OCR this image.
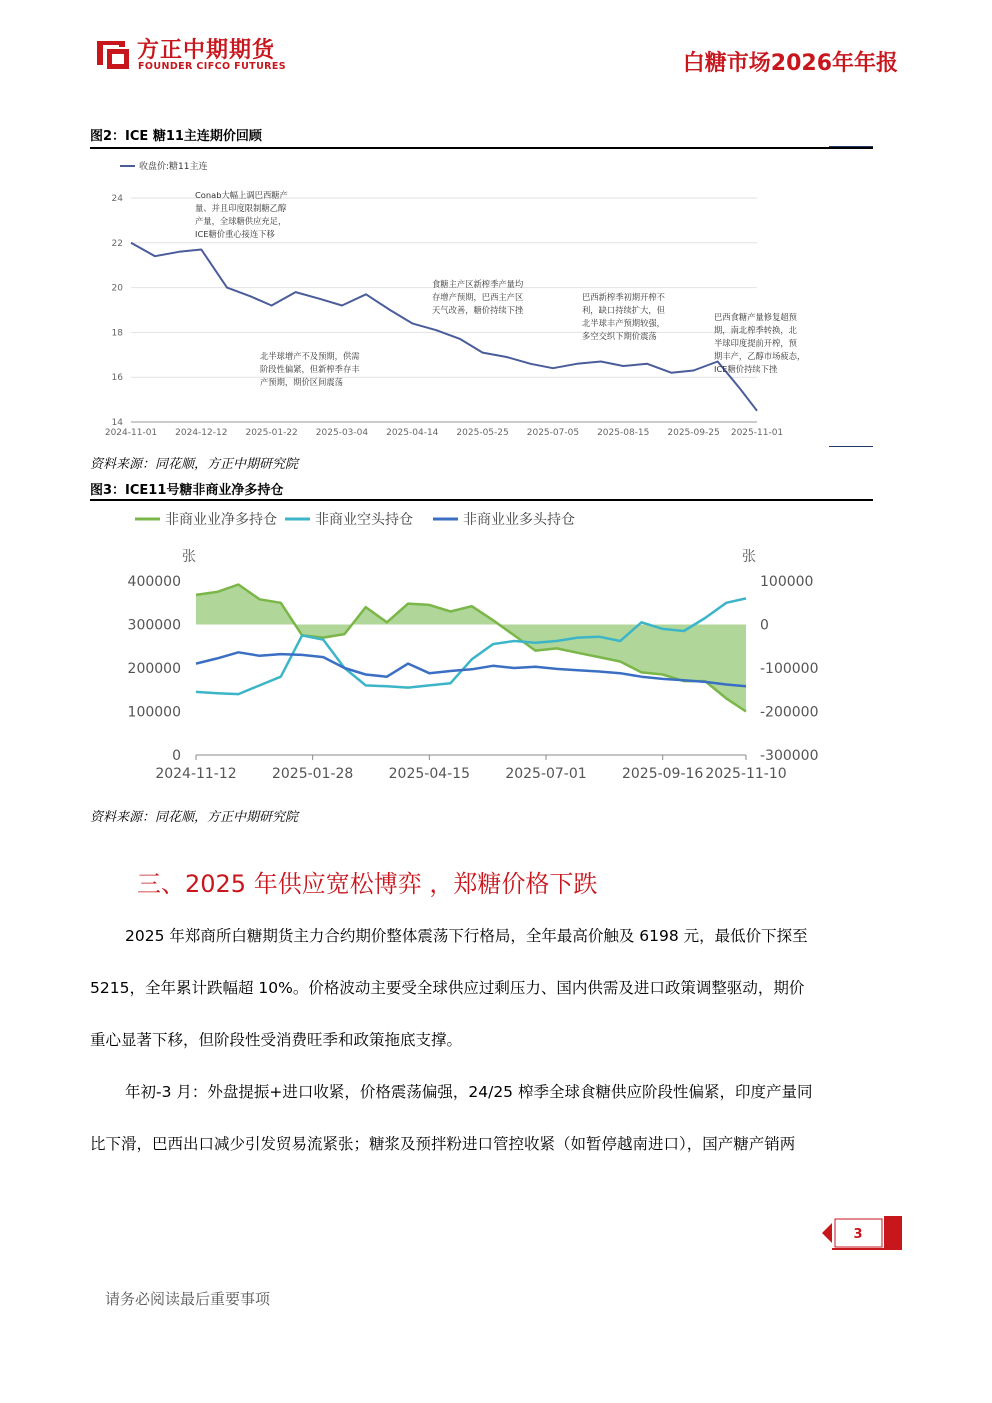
方正中期期货
FOUNDER CIFCO FUTURES	白糖市场2026年年报
图2：ICE 糖11主连期价回顾
14
16
18
20
22
24
2024-11-01 2024-12-12 2025-01-22 2025-03-04 2025-04-14 2025-05-25 2025-07-05 2025-08-15 2025-09-25 2025-11-01
收盘价:糖11主连
Conab大幅上调巴西糖产量、并且印度限制糖乙醇产量，全球糖供应充足， ICE糖价重心接连下移
北半球增产不及预期，供需阶段性偏紧，但新榨季存丰产预期，期价区间震荡
食糖主产区新榨季产量均存增产预期，巴西主产区天气改善，糖价持续下挫
巴西新榨季初期开榨不利，缺口持续扩大，但北半球丰产预期较强，多空交织下期价震荡
巴西食糖产量修复超预期，南北榨季转换，北半球印度提前开榨，预期丰产，乙醇市场疲态， ICE糖价持续下挫
资料来源：同花顺，方正中期研究院
图3：ICE11号糖非商业净多持仓
非商业业净多持仓	非商业空头持仓	非商业业多头持仓
张	张
0
100000
200000
300000
400000
-300000
-200000
-100000
0
100000
2024-11-12	2025-01-28	2025-04-15	2025-07-01	2025-09-16 2025-11-10
资料来源：同花顺，方正中期研究院
三、2025 年供应宽松博弈 ，郑糖价格下跌
2025 年郑商所白糖期货主力合约期价整体震荡下行格局，全年最高价触及 6198 元，最低价下探至
5215，全年累计跌幅超 10%。价格波动主要受全球供应过剩压力、国内供需及进口政策调整驱动，期价
重心显著下移，但阶段性受消费旺季和政策拖底支撑。
年初-3 月：外盘提振+进口收紧，价格震荡偏强，24/25 榨季全球食糖供应阶段性偏紧，印度产量同
比下滑，巴西出口减少引发贸易流紧张；糖浆及预拌粉进口管控收紧（如暂停越南进口），国产糖产销两
3
请务必阅读最后重要事项
